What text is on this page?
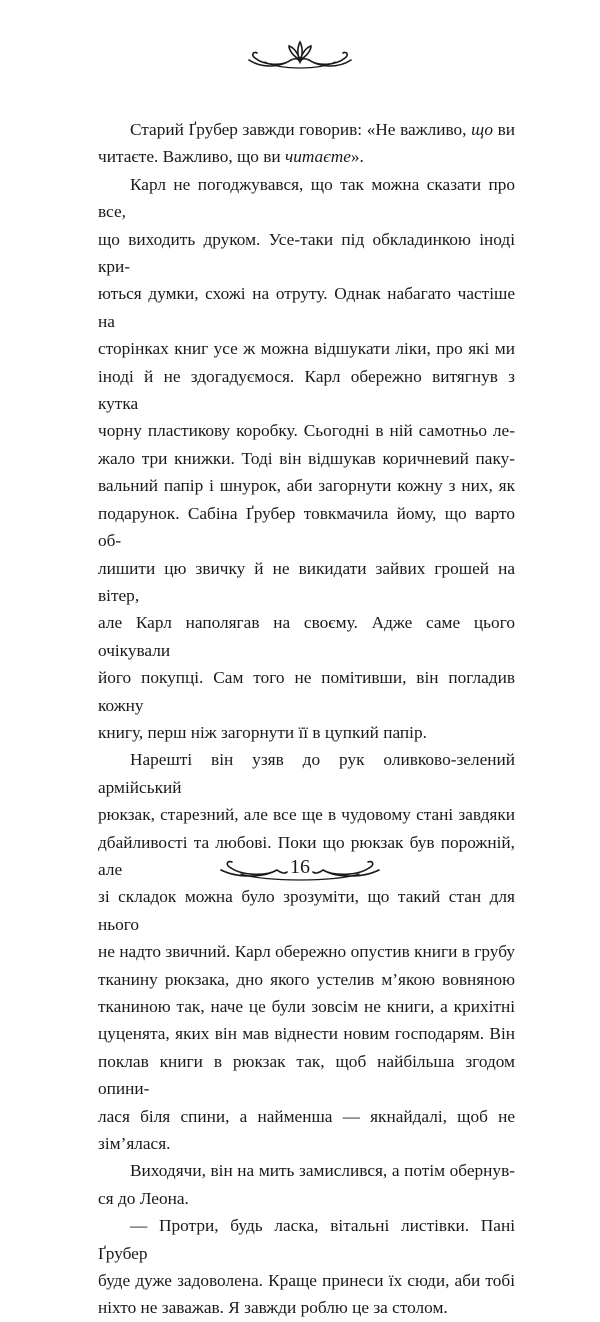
Старий Ґрубер завжди говорив: «Не важливо, що ви
читаєте. Важливо, що ви читаєте».
Карл не погоджувався, що так можна сказати про все,
що виходить друком. Усе-таки під обкладинкою іноді кри-
ються думки, схожі на отруту. Однак набагато частіше на
сторінках книг усе ж можна відшукати ліки, про які ми
іноді й не здогадуємося. Карл обережно витягнув з кутка
чорну пластикову коробку. Сьогодні в ній самотньо ле-
жало три книжки. Тоді він відшукав коричневий паку-
вальний папір і шнурок, аби загорнути кожну з них, як
подарунок. Сабіна Ґрубер товкмачила йому, що варто об-
лишити цю звичку й не викидати зайвих грошей на вітер,
але Карл наполягав на своєму. Адже саме цього очікували
його покупці. Сам того не помітивши, він погладив кожну
книгу, перш ніж загорнути її в цупкий папір.
Нарешті він узяв до рук оливково-зелений армійський
рюкзак, старезний, але все ще в чудовому стані завдяки
дбайливості та любові. Поки що рюкзак був порожній, але
зі складок можна було зрозуміти, що такий стан для нього
не надто звичний. Карл обережно опустив книги в грубу
тканину рюкзака, дно якого устелив м’якою вовняною
тканиною так, наче це були зовсім не книги, а крихітні
цуценята, яких він мав віднести новим господарям. Він
поклав книги в рюкзак так, щоб найбільша згодом опини-
лася біля спини, а найменша — якнайдалі, щоб не зім’ялася.
Виходячи, він на мить замислився, а потім обернув-
ся до Леона.
— Протри, будь ласка, вітальні листівки. Пані Ґрубер
буде дуже задоволена. Краще принеси їх сюди, аби тобі
ніхто не заважав. Я завжди роблю це за столом.
16
